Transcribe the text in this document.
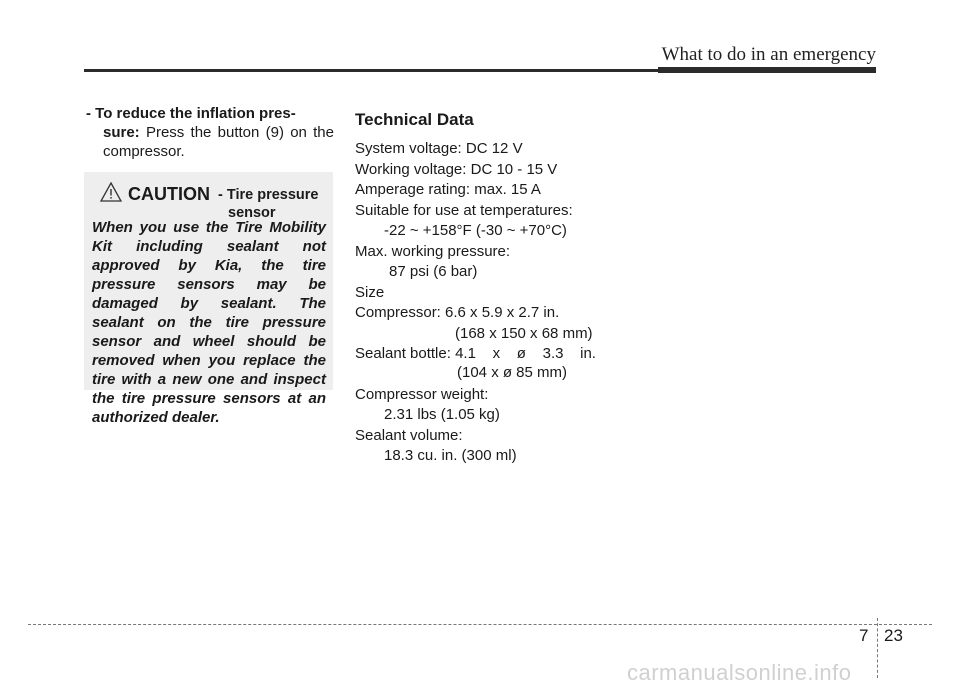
What to do in an emergency
- To reduce the inflation pres-
sure: Press the button (9) on the compressor.
CAUTION - Tire pressure
sensor
When you use the Tire Mobility Kit including sealant not approved by Kia, the tire pressure sensors may be damaged by sealant. The sealant on the tire pressure sensor and wheel should be removed when you replace the tire with a new one and inspect the tire pressure sensors at an authorized dealer.
Technical Data
System voltage: DC 12 V
Working voltage: DC 10 - 15 V
Amperage rating: max. 15 A
Suitable for use at temperatures:
-22 ~ +158°F (-30 ~ +70°C)
Max. working pressure:
87 psi (6 bar)
Size
Compressor: 6.6 x 5.9 x 2.7 in.
(168 x 150 x 68 mm)
Sealant bottle: 4.1    x    ø    3.3    in.
(104 x ø 85 mm)
Compressor weight:
2.31 lbs (1.05 kg)
Sealant volume:
18.3 cu. in. (300 ml)
7 23
carmanualsonline.info
